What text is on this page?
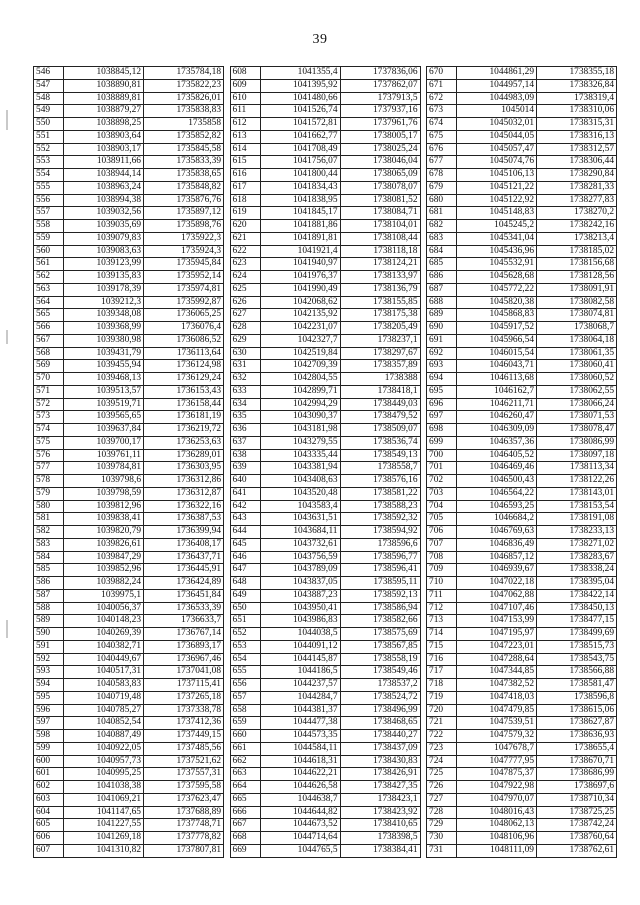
39
546	1038845,12	1735784,18
547	1038890,81	1735822,23
548	1038889,81	1735826,01
549	1038879,27	1735838,83
550	1038898,25	1735858
551	1038903,64	1735852,82
552	1038903,17	1735845,58
553	1038911,66	1735833,39
554	1038944,14	1735838,65
555	1038963,24	1735848,82
556	1038994,38	1735876,76
557	1039032,56	1735897,12
558	1039035,69	1735898,76
559	1039079,83	1735922,3
560	1039083,63	1735924,3
561	1039123,99	1735945,84
562	1039135,83	1735952,14
563	1039178,39	1735974,81
564	1039212,3	1735992,87
565	1039348,08	1736065,25
566	1039368,99	1736076,4
567	1039380,98	1736086,52
568	1039431,79	1736113,64
569	1039455,94	1736124,98
570	1039468,13	1736129,24
571	1039513,57	1736153,43
572	1039519,71	1736158,44
573	1039565,65	1736181,19
574	1039637,84	1736219,72
575	1039700,17	1736253,63
576	1039761,11	1736289,01
577	1039784,81	1736303,95
578	1039798,6	1736312,86
579	1039798,59	1736312,87
580	1039812,96	1736322,16
581	1039838,41	1736387,53
582	1039820,79	1736399,94
583	1039826,61	1736408,17
584	1039847,29	1736437,71
585	1039852,96	1736445,91
586	1039882,24	1736424,89
587	1039975,1	1736451,84
588	1040056,37	1736533,39
589	1040148,23	1736633,7
590	1040269,39	1736767,14
591	1040382,71	1736893,17
592	1040449,67	1736967,46
593	1040517,31	1737041,08
594	1040583,83	1737115,41
595	1040719,48	1737265,18
596	1040785,27	1737338,78
597	1040852,54	1737412,36
598	1040887,49	1737449,15
599	1040922,05	1737485,56
600	1040957,73	1737521,62
601	1040995,25	1737557,31
602	1041038,38	1737595,58
603	1041069,21	1737623,47
604	1041147,65	1737688,89
605	1041227,55	1737748,71
606	1041269,18	1737778,82
607	1041310,82	1737807,81
608	1041355,4	1737836,06
609	1041395,92	1737862,07
610	1041480,66	1737913,5
611	1041526,74	1737937,16
612	1041572,81	1737961,76
613	1041662,77	1738005,17
614	1041708,49	1738025,24
615	1041756,07	1738046,04
616	1041800,44	1738065,09
617	1041834,43	1738078,07
618	1041838,95	1738081,52
619	1041845,17	1738084,71
620	1041881,86	1738104,01
621	1041891,81	1738108,44
622	1041921,4	1738118,18
623	1041940,97	1738124,21
624	1041976,37	1738133,97
625	1041990,49	1738136,79
626	1042068,62	1738155,85
627	1042135,92	1738175,38
628	1042231,07	1738205,49
629	1042327,7	1738237,1
630	1042519,84	1738297,67
631	1042709,39	1738357,89
632	1042804,55	1738388
633	1042899,71	1738418,1
634	1042994,29	1738449,03
635	1043090,37	1738479,52
636	1043181,98	1738509,07
637	1043279,55	1738536,74
638	1043335,44	1738549,13
639	1043381,94	1738558,7
640	1043408,63	1738576,16
641	1043520,48	1738581,22
642	1043583,4	1738588,23
643	1043631,51	1738592,32
644	1043684,11	1738594,92
645	1043732,61	1738596,6
646	1043756,59	1738596,77
647	1043789,09	1738596,41
648	1043837,05	1738595,11
649	1043887,23	1738592,13
650	1043950,41	1738586,94
651	1043986,83	1738582,66
652	1044038,5	1738575,69
653	1044091,12	1738567,85
654	1044145,87	1738558,19
655	1044186,5	1738549,46
656	1044237,57	1738537,2
657	1044284,7	1738524,72
658	1044381,37	1738496,99
659	1044477,38	1738468,65
660	1044573,35	1738440,27
661	1044584,11	1738437,09
662	1044618,31	1738430,83
663	1044622,21	1738426,91
664	1044626,58	1738427,35
665	1044638,7	1738423,1
666	1044644,82	1738423,92
667	1044673,52	1738410,65
668	1044714,64	1738398,5
669	1044765,5	1738384,41
670	1044861,29	1738355,18
671	1044957,14	1738326,84
672	1044983,09	1738319,4
673	1045014	1738310,06
674	1045032,01	1738315,31
675	1045044,05	1738316,13
676	1045057,47	1738312,57
677	1045074,76	1738306,44
678	1045106,13	1738290,84
679	1045121,22	1738281,33
680	1045122,92	1738277,83
681	1045148,83	1738270,2
682	1045245,2	1738242,16
683	1045341,04	1738213,4
684	1045436,96	1738185,02
685	1045532,91	1738156,68
686	1045628,68	1738128,56
687	1045772,22	1738091,91
688	1045820,38	1738082,58
689	1045868,83	1738074,81
690	1045917,52	1738068,7
691	1045966,54	1738064,18
692	1046015,54	1738061,35
693	1046043,71	1738060,41
694	1046113,68	1738060,52
695	1046162,7	1738062,55
696	1046211,71	1738066,24
697	1046260,47	1738071,53
698	1046309,09	1738078,47
699	1046357,36	1738086,99
700	1046405,52	1738097,18
701	1046469,46	1738113,34
702	1046500,43	1738122,26
703	1046564,22	1738143,01
704	1046593,25	1738153,54
705	1046684,2	1738191,08
706	1046769,63	1738233,13
707	1046836,49	1738271,02
708	1046857,12	1738283,67
709	1046939,67	1738338,24
710	1047022,18	1738395,04
711	1047062,88	1738422,14
712	1047107,46	1738450,13
713	1047153,99	1738477,15
714	1047195,97	1738499,69
715	1047223,01	1738515,73
716	1047288,64	1738543,75
717	1047344,85	1738566,88
718	1047382,52	1738581,47
719	1047418,03	1738596,8
720	1047479,85	1738615,06
721	1047539,51	1738627,87
722	1047579,32	1738636,93
723	1047678,7	1738655,4
724	1047777,95	1738670,71
725	1047875,37	1738686,99
726	1047922,98	1738697,6
727	1047970,07	1738710,34
728	1048016,43	1738725,25
729	1048062,13	1738742,24
730	1048106,96	1738760,64
731	1048111,09	1738762,61
